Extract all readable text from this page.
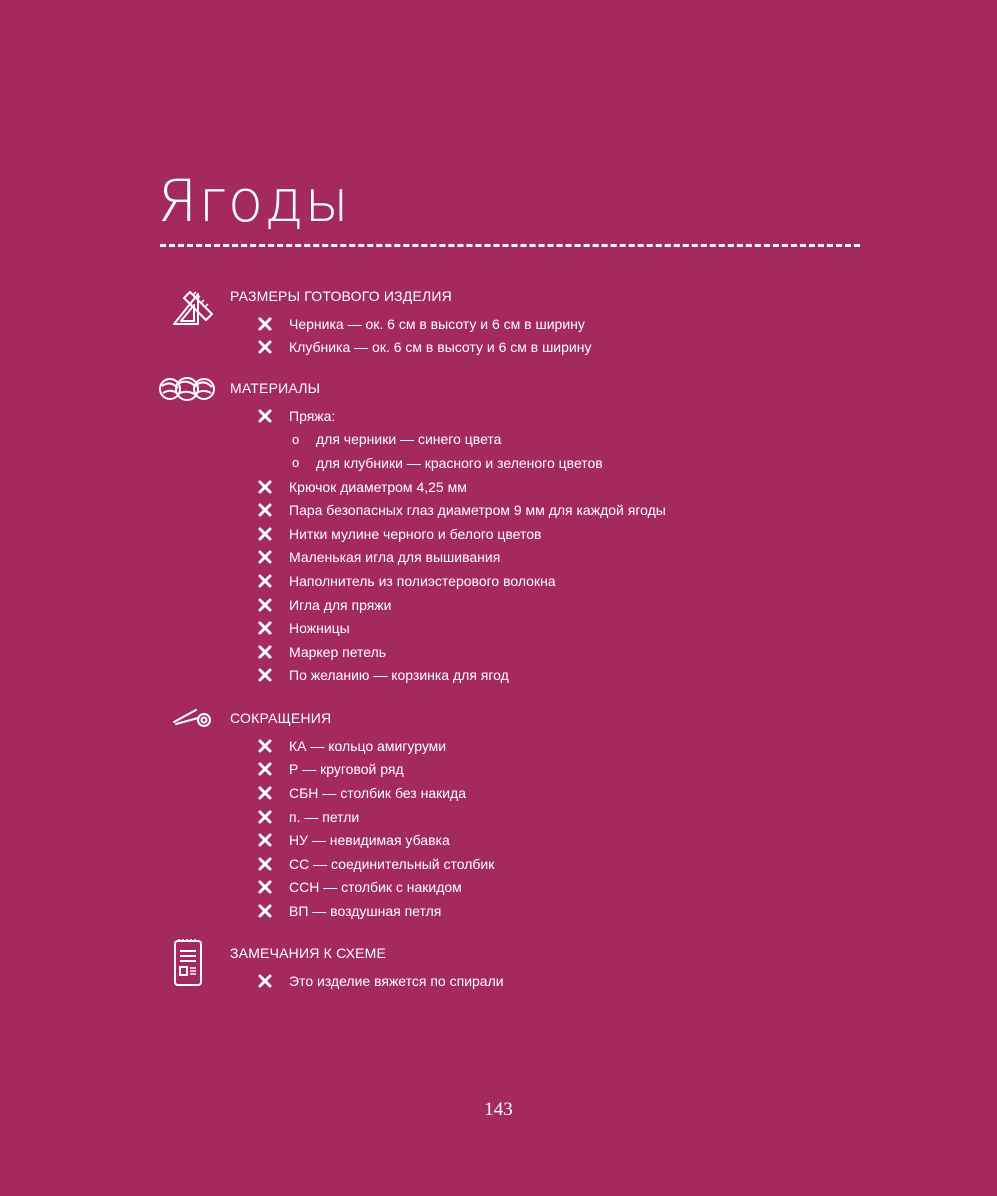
Ягоды
РАЗМЕРЫ ГОТОВОГО ИЗДЕЛИЯ
Черника — ок. 6 см в высоту и 6 см в ширину
Клубника — ок. 6 см в высоту и 6 см в ширину
МАТЕРИАЛЫ
Пряжа:
o	для черники — синего цвета
o	для клубники — красного и зеленого цветов
Крючок диаметром 4,25 мм
Пара безопасных глаз диаметром 9 мм для каждой ягоды
Нитки мулине черного и белого цветов
Маленькая игла для вышивания
Наполнитель из полиэстерового волокна
Игла для пряжи
Ножницы
Маркер петель
По желанию — корзинка для ягод
СОКРАЩЕНИЯ
КА — кольцо амигуруми
Р — круговой ряд
СБН — столбик без накида
п. — петли
НУ — невидимая убавка
СС — соединительный столбик
ССН — столбик с накидом
ВП — воздушная петля
ЗАМЕЧАНИЯ К СХЕМЕ
Это изделие вяжется по спирали
143
